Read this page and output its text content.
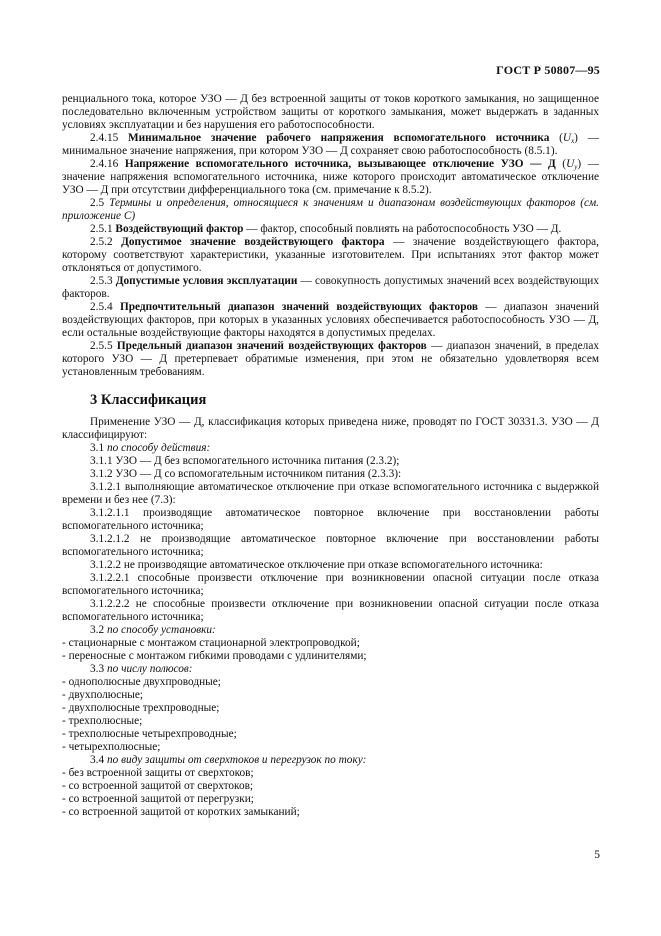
ГОСТ Р 50807—95
ренциального тока, которое УЗО — Д без встроенной защиты от токов короткого замыкания, но защищенное последовательно включенным устройством защиты от короткого замыкания, может выдержать в заданных условиях эксплуатации и без нарушения его работоспособности.
2.4.15 Минимальное значение рабочего напряжения вспомогательного источника $(U_x)$ — минимальное значение напряжения, при котором УЗО — Д сохраняет свою работоспособность (8.5.1).
2.4.16 Напряжение вспомогательного источника, вызывающее отключение УЗО — Д $(U_y)$ — значение напряжения вспомогательного источника, ниже которого происходит автоматическое отключение УЗО — Д при отсутствии дифференциального тока (см. примечание к 8.5.2).
2.5 Термины и определения, относящиеся к значениям и диапазонам воздействующих факторов (см. приложение С)
2.5.1 Воздействующий фактор — фактор, способный повлиять на работоспособность УЗО — Д.
2.5.2 Допустимое значение воздействующего фактора — значение воздействующего фактора, которому соответствуют характеристики, указанные изготовителем. При испытаниях этот фактор может отклоняться от допустимого.
2.5.3 Допустимые условия эксплуатации — совокупность допустимых значений всех воздействующих факторов.
2.5.4 Предпочтительный диапазон значений воздействующих факторов — диапазон значений воздействующих факторов, при которых в указанных условиях обеспечивается работоспособность УЗО — Д, если остальные воздействующие факторы находятся в допустимых пределах.
2.5.5 Предельный диапазон значений воздействующих факторов — диапазон значений, в пределах которого УЗО — Д претерпевает обратимые изменения, при этом не обязательно удовлетворяя всем установленным требованиям.
3 Классификация
Применение УЗО — Д, классификация которых приведена ниже, проводят по ГОСТ 30331.3. УЗО — Д классифицируют:
3.1 по способу действия:
3.1.1 УЗО — Д без вспомогательного источника питания (2.3.2);
3.1.2 УЗО — Д со вспомогательным источником питания (2.3.3):
3.1.2.1 выполняющие автоматическое отключение при отказе вспомогательного источника с выдержкой времени и без нее (7.3):
3.1.2.1.1 производящие автоматическое повторное включение при восстановлении работы вспомогательного источника;
3.1.2.1.2 не производящие автоматическое повторное включение при восстановлении работы вспомогательного источника;
3.1.2.2 не производящие автоматическое отключение при отказе вспомогательного источника:
3.1.2.2.1 способные произвести отключение при возникновении опасной ситуации после отказа вспомогательного источника;
3.1.2.2.2 не способные произвести отключение при возникновении опасной ситуации после отказа вспомогательного источника;
3.2 по способу установки:
- стационарные с монтажом стационарной электропроводкой;
- переносные с монтажом гибкими проводами с удлинителями;
3.3 по числу полюсов:
- однополюсные двухпроводные;
- двухполюсные;
- двухполюсные трехпроводные;
- трехполюсные;
- трехполюсные четырехпроводные;
- четырехполюсные;
3.4 по виду защиты от сверхтоков и перегрузок по току:
- без встроенной защиты от сверхтоков;
- со встроенной защитой от сверхтоков;
- со встроенной защитой от перегрузки;
- со встроенной защитой от коротких замыканий;
5
